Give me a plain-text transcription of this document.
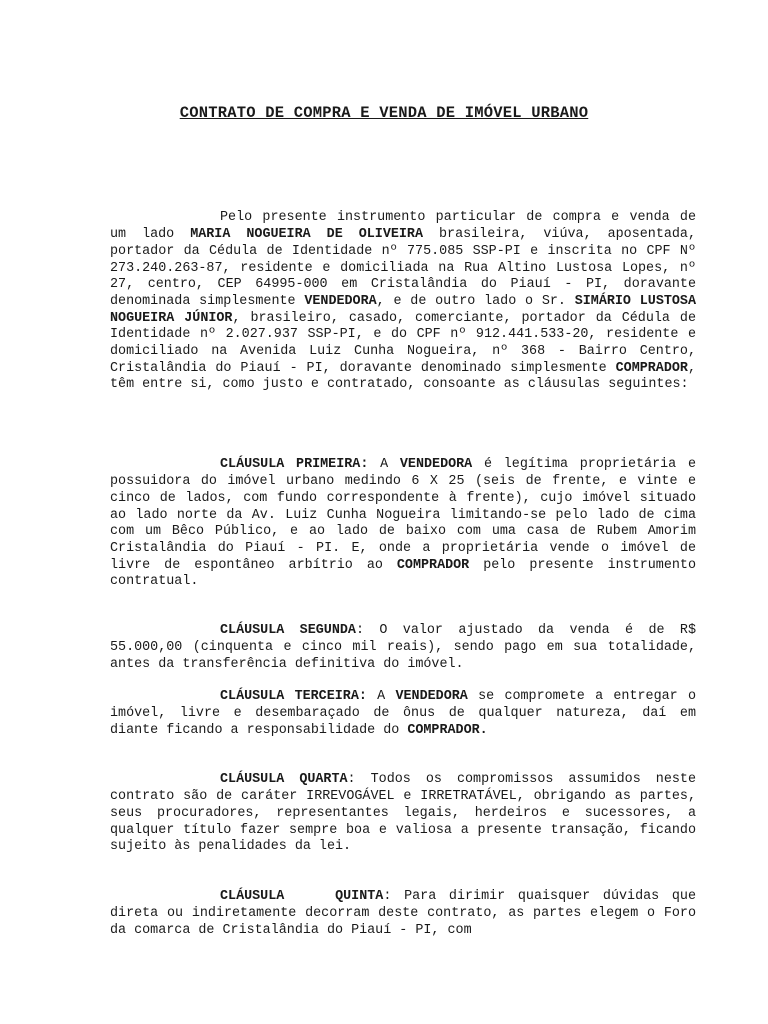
CONTRATO DE COMPRA E VENDA DE IMÓVEL URBANO

Pelo presente instrumento particular de compra e venda de um lado MARIA NOGUEIRA DE OLIVEIRA brasileira, viúva, aposentada, portador da Cédula de Identidade nº 775.085 SSP-PI e inscrita no CPF Nº 273.240.263-87, residente e domiciliada na Rua Altino Lustosa Lopes, nº 27, centro, CEP 64995-000 em Cristalândia do Piauí - PI, doravante denominada simplesmente VENDEDORA, e de outro lado o Sr. SIMÁRIO LUSTOSA NOGUEIRA JÚNIOR, brasileiro, casado, comerciante, portador da Cédula de Identidade nº 2.027.937 SSP-PI, e do CPF nº 912.441.533-20, residente e domiciliado na Avenida Luiz Cunha Nogueira, nº 368 - Bairro Centro, Cristalândia do Piauí - PI, doravante denominado simplesmente COMPRADOR, têm entre si, como justo e contratado, consoante as cláusulas seguintes:

CLÁUSULA PRIMEIRA: A VENDEDORA é legítima proprietária e possuidora do imóvel urbano medindo 6 X 25 (seis de frente, e vinte e cinco de lados, com fundo correspondente à frente), cujo imóvel situado ao lado norte da Av. Luiz Cunha Nogueira limitando-se pelo lado de cima com um Bêco Público, e ao lado de baixo com uma casa de Rubem Amorim Cristalândia do Piauí - PI. E, onde a proprietária vende o imóvel de livre de espontâneo arbítrio ao COMPRADOR pelo presente instrumento contratual.

CLÁUSULA SEGUNDA: O valor ajustado da venda é de R$ 55.000,00 (cinquenta e cinco mil reais), sendo pago em sua totalidade, antes da transferência definitiva do imóvel.

CLÁUSULA TERCEIRA: A VENDEDORA se compromete a entregar o imóvel, livre e desembaraçado de ônus de qualquer natureza, daí em diante ficando a responsabilidade do COMPRADOR.

CLÁUSULA QUARTA: Todos os compromissos assumidos neste contrato são de caráter IRREVOGÁVEL e IRRETRATÁVEL, obrigando as partes, seus procuradores, representantes legais, herdeiros e sucessores, a qualquer título fazer sempre boa e valiosa a presente transação, ficando sujeito às penalidades da lei.

CLÁUSULA    QUINTA: Para dirimir quaisquer dúvidas que direta ou indiretamente decorram deste contrato, as partes elegem o Foro da comarca de Cristalândia do Piauí - PI, com
